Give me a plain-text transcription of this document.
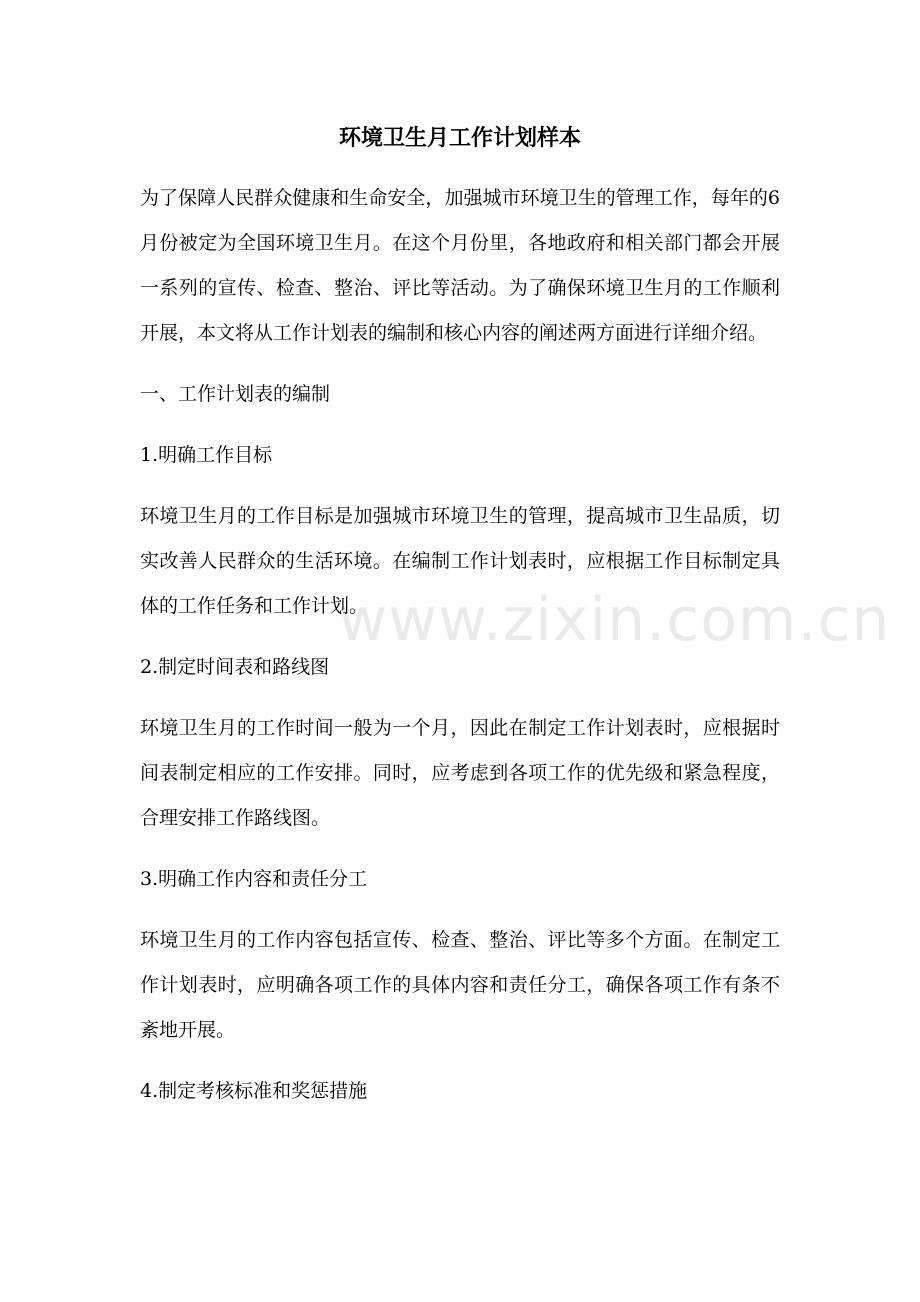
环境卫生月工作计划样本

为了保障人民群众健康和生命安全，加强城市环境卫生的管理工作，每年的6月份被定为全国环境卫生月。在这个月份里，各地政府和相关部门都会开展一系列的宣传、检查、整治、评比等活动。为了确保环境卫生月的工作顺利开展，本文将从工作计划表的编制和核心内容的阐述两方面进行详细介绍。

一、工作计划表的编制

1.明确工作目标

环境卫生月的工作目标是加强城市环境卫生的管理，提高城市卫生品质，切实改善人民群众的生活环境。在编制工作计划表时，应根据工作目标制定具体的工作任务和工作计划。

2.制定时间表和路线图

环境卫生月的工作时间一般为一个月，因此在制定工作计划表时，应根据时间表制定相应的工作安排。同时，应考虑到各项工作的优先级和紧急程度，合理安排工作路线图。

3.明确工作内容和责任分工

环境卫生月的工作内容包括宣传、检查、整治、评比等多个方面。在制定工作计划表时，应明确各项工作的具体内容和责任分工，确保各项工作有条不紊地开展。

4.制定考核标准和奖惩措施

www.zixin.com.cn
